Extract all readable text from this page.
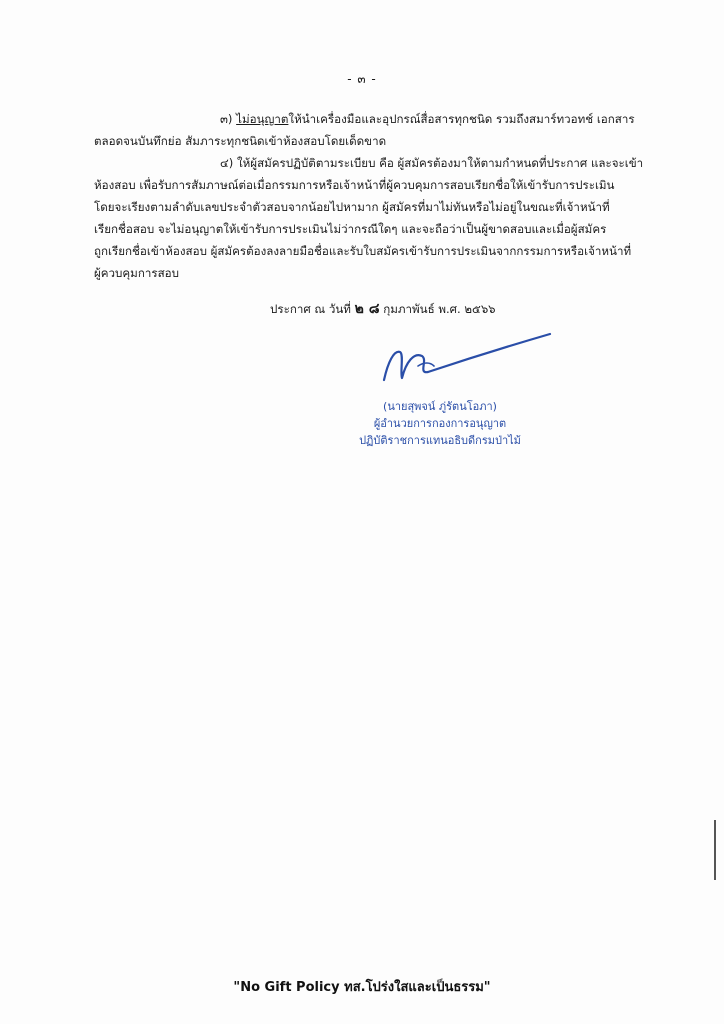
- ๓ -
๓) ไม่อนุญาตให้นำเครื่องมือและอุปกรณ์สื่อสารทุกชนิด รวมถึงสมาร์ทวอทช์ เอกสาร
ตลอดจนบันทึกย่อ สัมภาระทุกชนิดเข้าห้องสอบโดยเด็ดขาด
๔) ให้ผู้สมัครปฏิบัติตามระเบียบ คือ ผู้สมัครต้องมาให้ตามกำหนดที่ประกาศ และจะเข้า
ห้องสอบ เพื่อรับการสัมภาษณ์ต่อเมื่อกรรมการหรือเจ้าหน้าที่ผู้ควบคุมการสอบเรียกชื่อให้เข้ารับการประเมิน
โดยจะเรียงตามลำดับเลขประจำตัวสอบจากน้อยไปหามาก ผู้สมัครที่มาไม่ทันหรือไม่อยู่ในขณะที่เจ้าหน้าที่
เรียกชื่อสอบ จะไม่อนุญาตให้เข้ารับการประเมินไม่ว่ากรณีใดๆ และจะถือว่าเป็นผู้ขาดสอบและเมื่อผู้สมัคร
ถูกเรียกชื่อเข้าห้องสอบ ผู้สมัครต้องลงลายมือชื่อและรับใบสมัครเข้ารับการประเมินจากกรรมการหรือเจ้าหน้าที่
ผู้ควบคุมการสอบ
ประกาศ ณ วันที่ ๒ ๘ กุมภาพันธ์ พ.ศ. ๒๕๖๖
(นายสุพจน์ ภู่รัตนโอภา)
ผู้อำนวยการกองการอนุญาต
ปฏิบัติราชการแทนอธิบดีกรมป่าไม้
"No Gift Policy ทส.โปร่งใสและเป็นธรรม"
